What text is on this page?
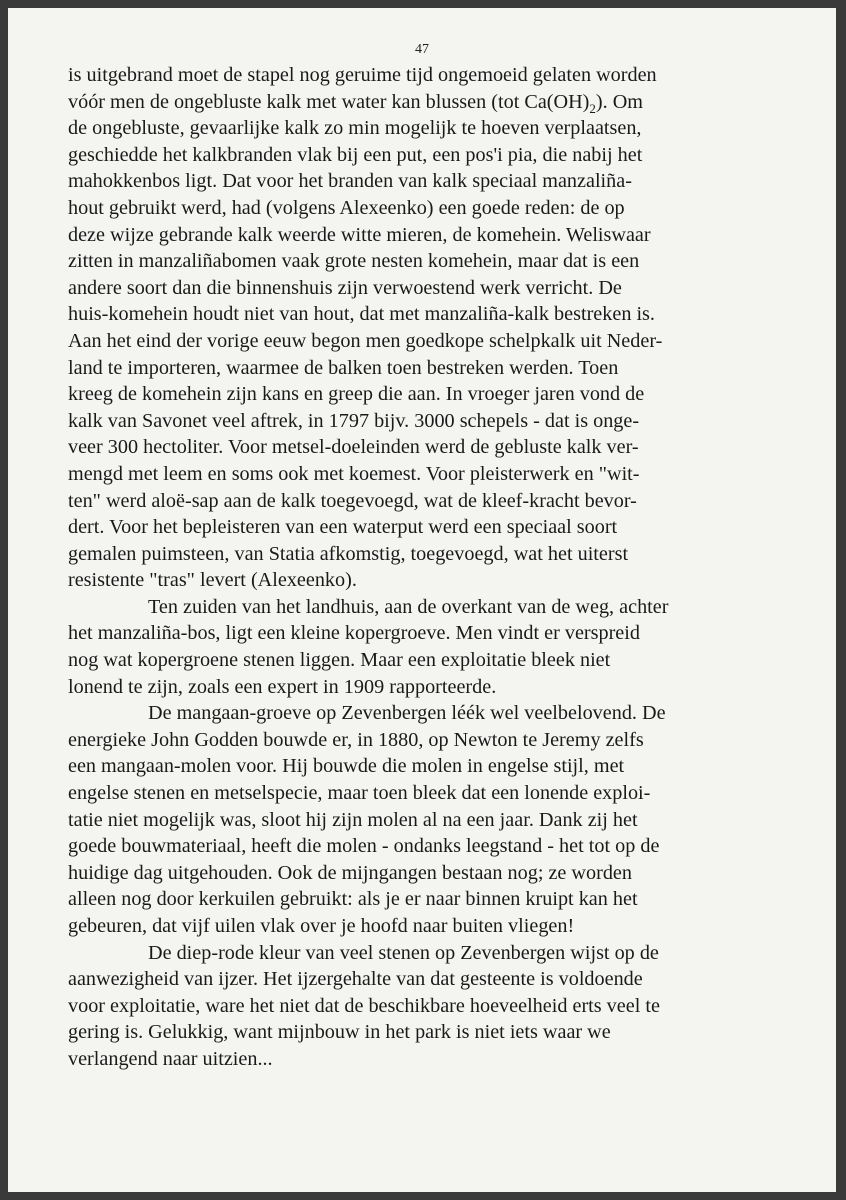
47
is uitgebrand moet de stapel nog geruime tijd ongemoeid gelaten worden
vóór men de ongebluste kalk met water kan blussen (tot $Ca(OH)_2$). Om
de ongebluste, gevaarlijke kalk zo min mogelijk te hoeven verplaatsen,
geschiedde het kalkbranden vlak bij een put, een pos'i pia, die nabij het
mahokkenbos ligt. Dat voor het branden van kalk speciaal manzaliña-
hout gebruikt werd, had (volgens Alexeenko) een goede reden: de op
deze wijze gebrande kalk weerde witte mieren, de komehein. Weliswaar
zitten in manzaliñabomen vaak grote nesten komehein, maar dat is een
andere soort dan die binnenshuis zijn verwoestend werk verricht. De
huis-komehein houdt niet van hout, dat met manzaliña-kalk bestreken is.
Aan het eind der vorige eeuw begon men goedkope schelpkalk uit Neder-
land te importeren, waarmee de balken toen bestreken werden. Toen
kreeg de komehein zijn kans en greep die aan. In vroeger jaren vond de
kalk van Savonet veel aftrek, in 1797 bijv. 3000 schepels - dat is onge-
veer 300 hectoliter. Voor metsel-doeleinden werd de gebluste kalk ver-
mengd met leem en soms ook met koemest. Voor pleisterwerk en "wit-
ten" werd aloë-sap aan de kalk toegevoegd, wat de kleef-kracht bevor-
dert. Voor het bepleisteren van een waterput werd een speciaal soort
gemalen puimsteen, van Statia afkomstig, toegevoegd, wat het uiterst
resistente "tras" levert (Alexeenko).
Ten zuiden van het landhuis, aan de overkant van de weg, achter
het manzaliña-bos, ligt een kleine kopergroeve. Men vindt er verspreid
nog wat kopergroene stenen liggen. Maar een exploitatie bleek niet
lonend te zijn, zoals een expert in 1909 rapporteerde.
De mangaan-groeve op Zevenbergen léék wel veelbelovend. De
energieke John Godden bouwde er, in 1880, op Newton te Jeremy zelfs
een mangaan-molen voor. Hij bouwde die molen in engelse stijl, met
engelse stenen en metselspecie, maar toen bleek dat een lonende exploi-
tatie niet mogelijk was, sloot hij zijn molen al na een jaar. Dank zij het
goede bouwmateriaal, heeft die molen - ondanks leegstand - het tot op de
huidige dag uitgehouden. Ook de mijngangen bestaan nog; ze worden
alleen nog door kerkuilen gebruikt: als je er naar binnen kruipt kan het
gebeuren, dat vijf uilen vlak over je hoofd naar buiten vliegen!
De diep-rode kleur van veel stenen op Zevenbergen wijst op de
aanwezigheid van ijzer. Het ijzergehalte van dat gesteente is voldoende
voor exploitatie, ware het niet dat de beschikbare hoeveelheid erts veel te
gering is. Gelukkig, want mijnbouw in het park is niet iets waar we
verlangend naar uitzien...
